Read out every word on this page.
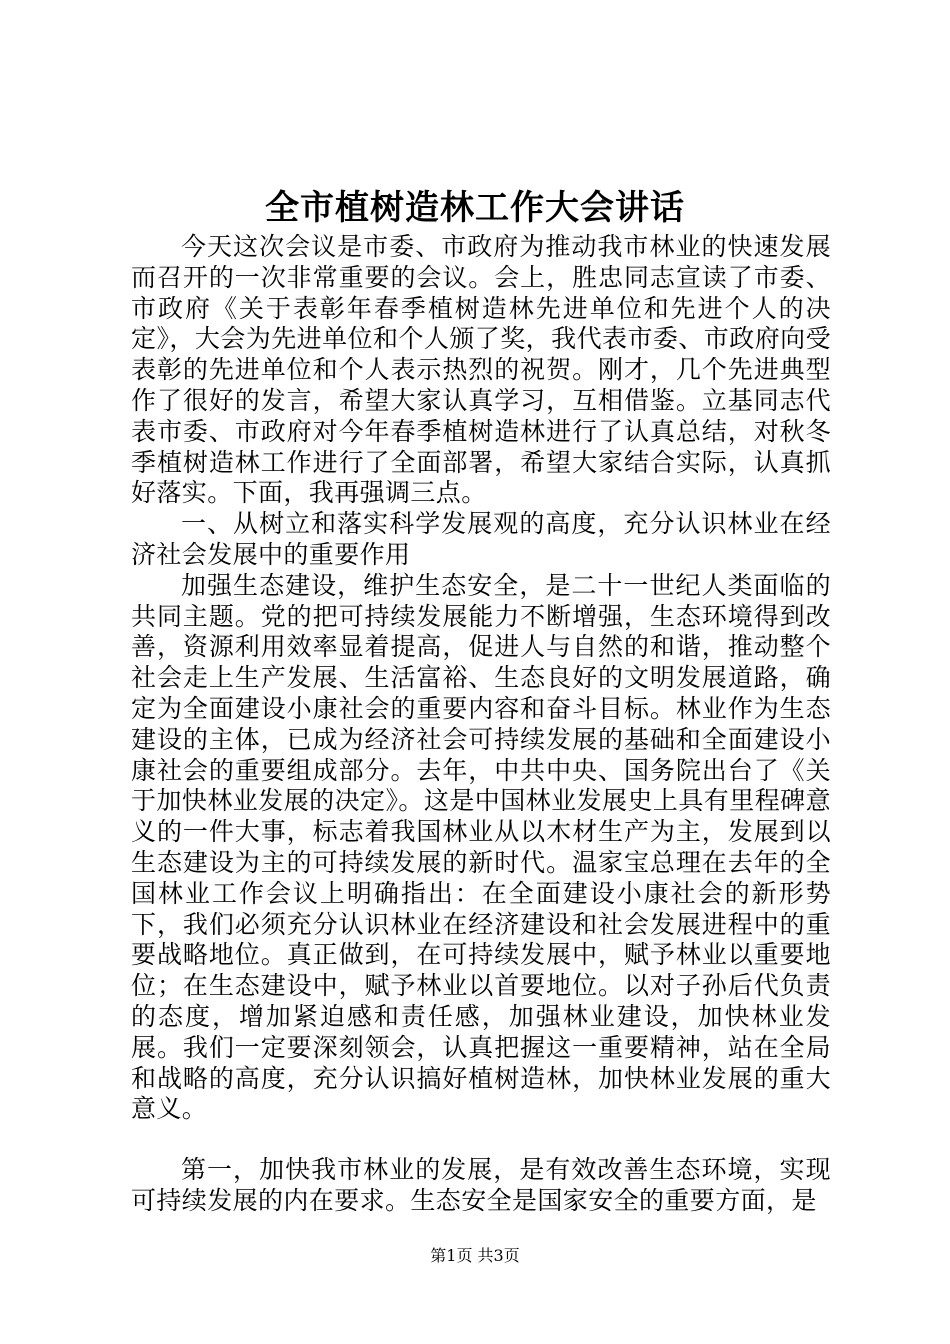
全市植树造林工作大会讲话

今天这次会议是市委、市政府为推动我市林业的快速发展而召开的一次非常重要的会议。会上，胜忠同志宣读了市委、市政府《关于表彰年春季植树造林先进单位和先进个人的决定》，大会为先进单位和个人颁了奖，我代表市委、市政府向受表彰的先进单位和个人表示热烈的祝贺。刚才，几个先进典型作了很好的发言，希望大家认真学习，互相借鉴。立基同志代表市委、市政府对今年春季植树造林进行了认真总结，对秋冬季植树造林工作进行了全面部署，希望大家结合实际，认真抓好落实。下面，我再强调三点。

一、从树立和落实科学发展观的高度，充分认识林业在经济社会发展中的重要作用

加强生态建设，维护生态安全，是二十一世纪人类面临的共同主题。党的把可持续发展能力不断增强，生态环境得到改善，资源利用效率显着提高，促进人与自然的和谐，推动整个社会走上生产发展、生活富裕、生态良好的文明发展道路，确定为全面建设小康社会的重要内容和奋斗目标。林业作为生态建设的主体，已成为经济社会可持续发展的基础和全面建设小康社会的重要组成部分。去年，中共中央、国务院出台了《关于加快林业发展的决定》。这是中国林业发展史上具有里程碑意义的一件大事，标志着我国林业从以木材生产为主，发展到以生态建设为主的可持续发展的新时代。温家宝总理在去年的全国林业工作会议上明确指出：在全面建设小康社会的新形势下，我们必须充分认识林业在经济建设和社会发展进程中的重要战略地位。真正做到，在可持续发展中，赋予林业以重要地位；在生态建设中，赋予林业以首要地位。以对子孙后代负责的态度，增加紧迫感和责任感，加强林业建设，加快林业发展。我们一定要深刻领会，认真把握这一重要精神，站在全局和战略的高度，充分认识搞好植树造林，加快林业发展的重大意义。

第一，加快我市林业的发展，是有效改善生态环境，实现可持续发展的内在要求。生态安全是国家安全的重要方面，是

第1页 共3页
